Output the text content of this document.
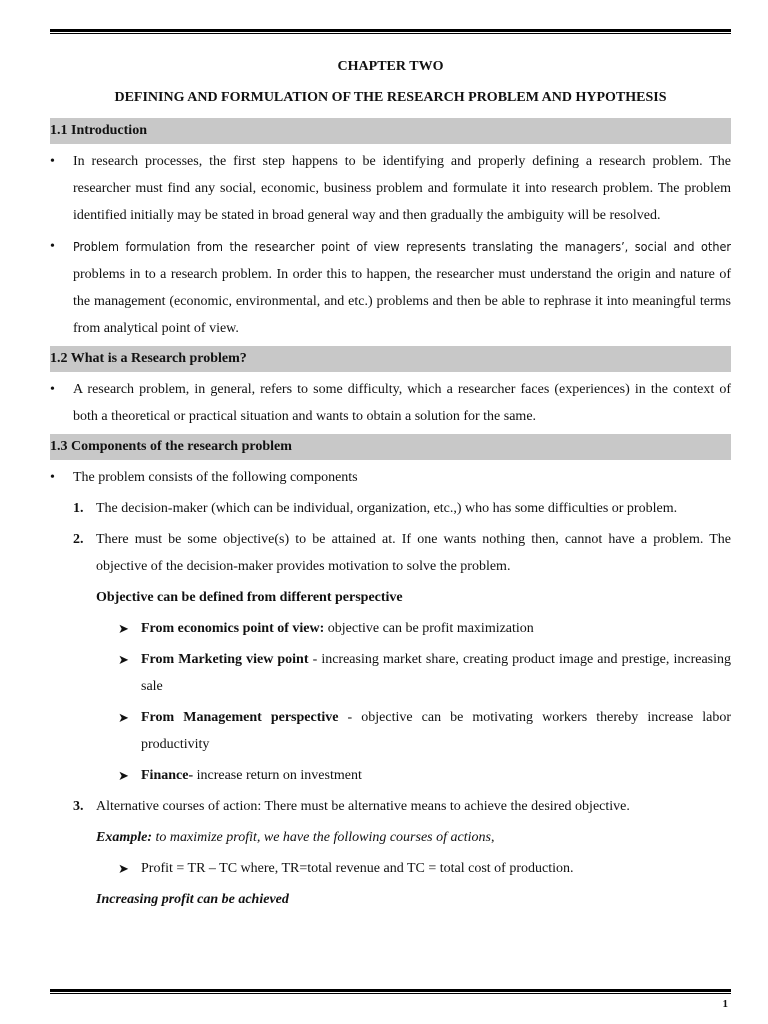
CHAPTER TWO
DEFINING AND FORMULATION OF THE RESEARCH PROBLEM AND HYPOTHESIS
1.1 Introduction
• In research processes, the first step happens to be identifying and properly defining a research problem. The researcher must find any social, economic, business problem and formulate it into research problem. The problem identified initially may be stated in broad general way and then gradually the ambiguity will be resolved.
• Problem formulation from the researcher point of view represents translating the managers’, social and other problems in to a research problem. In order this to happen, the researcher must understand the origin and nature of the management (economic, environmental, and etc.) problems and then be able to rephrase it into meaningful terms from analytical point of view.
1.2 What is a Research problem?
• A research problem, in general, refers to some difficulty, which a researcher faces (experiences) in the context of both a theoretical or practical situation and wants to obtain a solution for the same.
1.3 Components of the research problem
• The problem consists of the following components
1. The decision-maker (which can be individual, organization, etc.,) who has some difficulties or problem.
2. There must be some objective(s) to be attained at. If one wants nothing then, cannot have a problem. The objective of the decision-maker provides motivation to solve the problem.
Objective can be defined from different perspective
➤ From economics point of view: objective can be profit maximization
➤ From Marketing view point - increasing market share, creating product image and prestige, increasing sale
➤ From Management perspective - objective can be motivating workers thereby increase labor productivity
➤ Finance- increase return on investment
3. Alternative courses of action: There must be alternative means to achieve the desired objective.
Example: to maximize profit, we have the following courses of actions,
➤ Profit = TR – TC where, TR=total revenue and TC = total cost of production.
Increasing profit can be achieved
1
